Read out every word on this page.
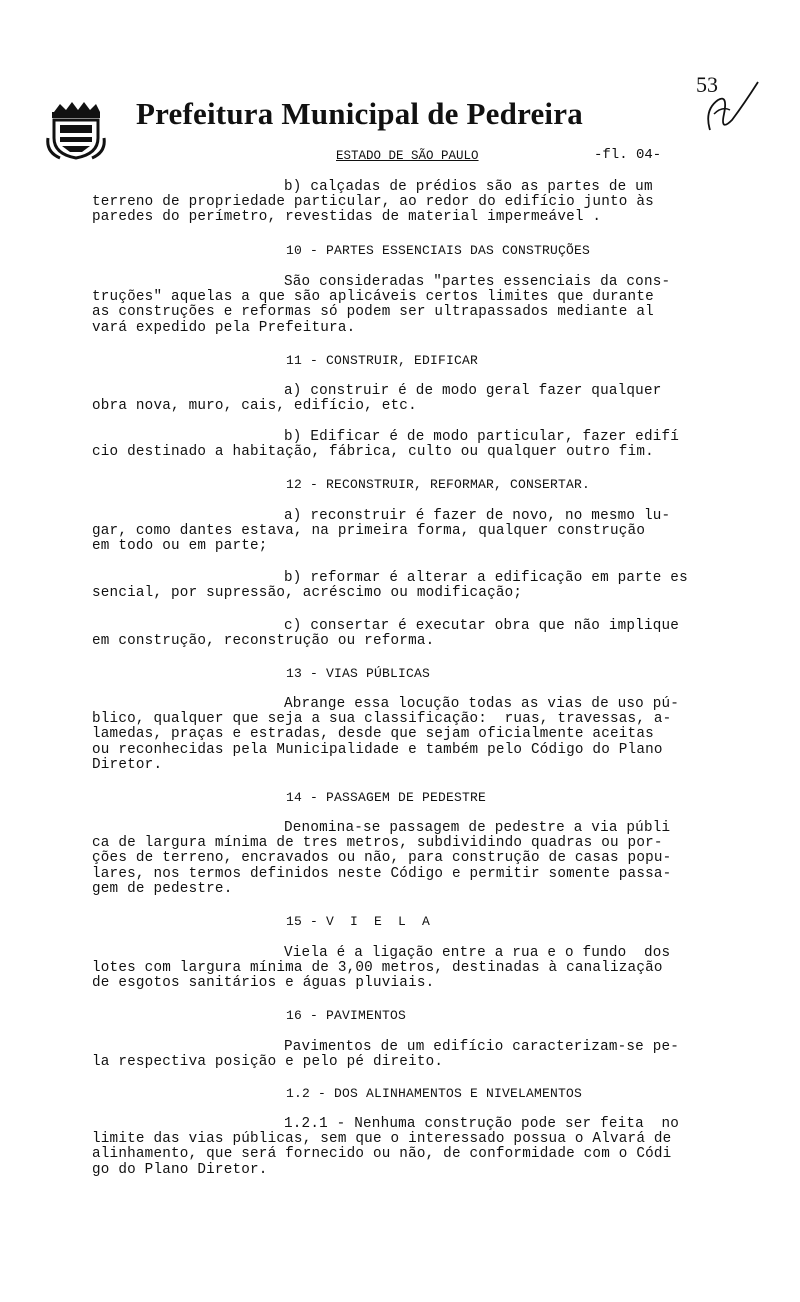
Prefeitura Municipal de Pedreira
53
ESTADO DE SÃO PAULO	-fl. 04-
b) calçadas de prédios são as partes de um
terreno de propriedade particular, ao redor do edifício junto às
paredes do perímetro, revestidas de material impermeável .
10 - PARTES ESSENCIAIS DAS CONSTRUÇÕES
São consideradas "partes essenciais da cons-
truções" aquelas a que são aplicáveis certos limites que durante
as construções e reformas só podem ser ultrapassados mediante al
vará expedido pela Prefeitura.
11 - CONSTRUIR, EDIFICAR
a) construir é de modo geral fazer qualquer
obra nova, muro, cais, edifício, etc.
b) Edificar é de modo particular, fazer edifí
cio destinado a habitação, fábrica, culto ou qualquer outro fim.
12 - RECONSTRUIR, REFORMAR, CONSERTAR.
a) reconstruir é fazer de novo, no mesmo lu-
gar, como dantes estava, na primeira forma, qualquer construção
em todo ou em parte;
b) reformar é alterar a edificação em parte es
sencial, por supressão, acréscimo ou modificação;
c) consertar é executar obra que não implique
em construção, reconstrução ou reforma.
13 - VIAS PÚBLICAS
Abrange essa locução todas as vias de uso pú-
blico, qualquer que seja a sua classificação:  ruas, travessas, a-
lamedas, praças e estradas, desde que sejam oficialmente aceitas
ou reconhecidas pela Municipalidade e também pelo Código do Plano
Diretor.
14 - PASSAGEM DE PEDESTRE
Denomina-se passagem de pedestre a via públi
ca de largura mínima de tres metros, subdividindo quadras ou por-
ções de terreno, encravados ou não, para construção de casas popu-
lares, nos termos definidos neste Código e permitir somente passa-
gem de pedestre.
15 - V  I  E  L  A
Viela é a ligação entre a rua e o fundo  dos
lotes com largura mínima de 3,00 metros, destinadas à canalização
de esgotos sanitários e águas pluviais.
16 - PAVIMENTOS
Pavimentos de um edifício caracterizam-se pe-
la respectiva posição e pelo pé direito.
1.2 - DOS ALINHAMENTOS E NIVELAMENTOS
1.2.1 - Nenhuma construção pode ser feita  no
limite das vias públicas, sem que o interessado possua o Alvará de
alinhamento, que será fornecido ou não, de conformidade com o Códi
go do Plano Diretor.
